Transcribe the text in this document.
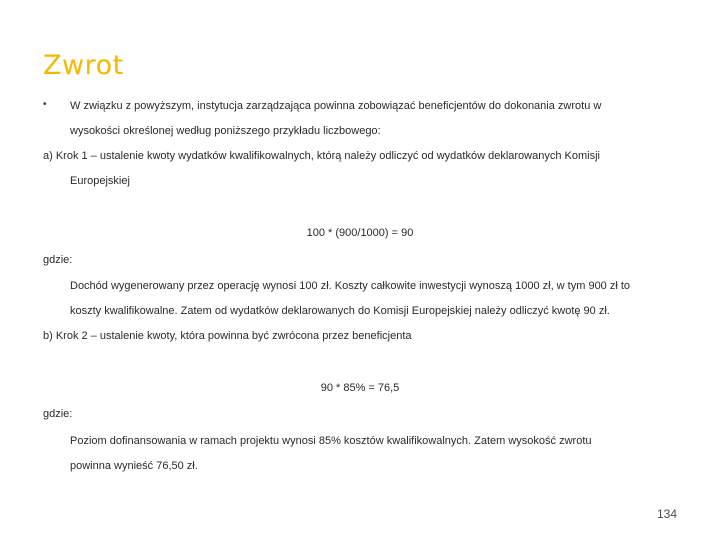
Zwrot
• W związku z powyższym, instytucja zarządzająca powinna zobowiązać beneficjentów do dokonania zwrotu w
wysokości określonej według poniższego przykładu liczbowego:
a) Krok 1 – ustalenie kwoty wydatków kwalifikowalnych, którą należy odliczyć od wydatków deklarowanych Komisji
Europejskiej
100 * (900/1000) = 90
gdzie:
Dochód wygenerowany przez operację wynosi 100 zł. Koszty całkowite inwestycji wynoszą 1000 zł, w tym 900 zł to
koszty kwalifikowalne. Zatem od wydatków deklarowanych do Komisji Europejskiej należy odliczyć kwotę 90 zł.
b) Krok 2 – ustalenie kwoty, która powinna być zwrócona przez beneficjenta
90 * 85% = 76,5
gdzie:
Poziom dofinansowania w ramach projektu wynosi 85% kosztów kwalifikowalnych. Zatem wysokość zwrotu
powinna wynieść 76,50 zł.
134
